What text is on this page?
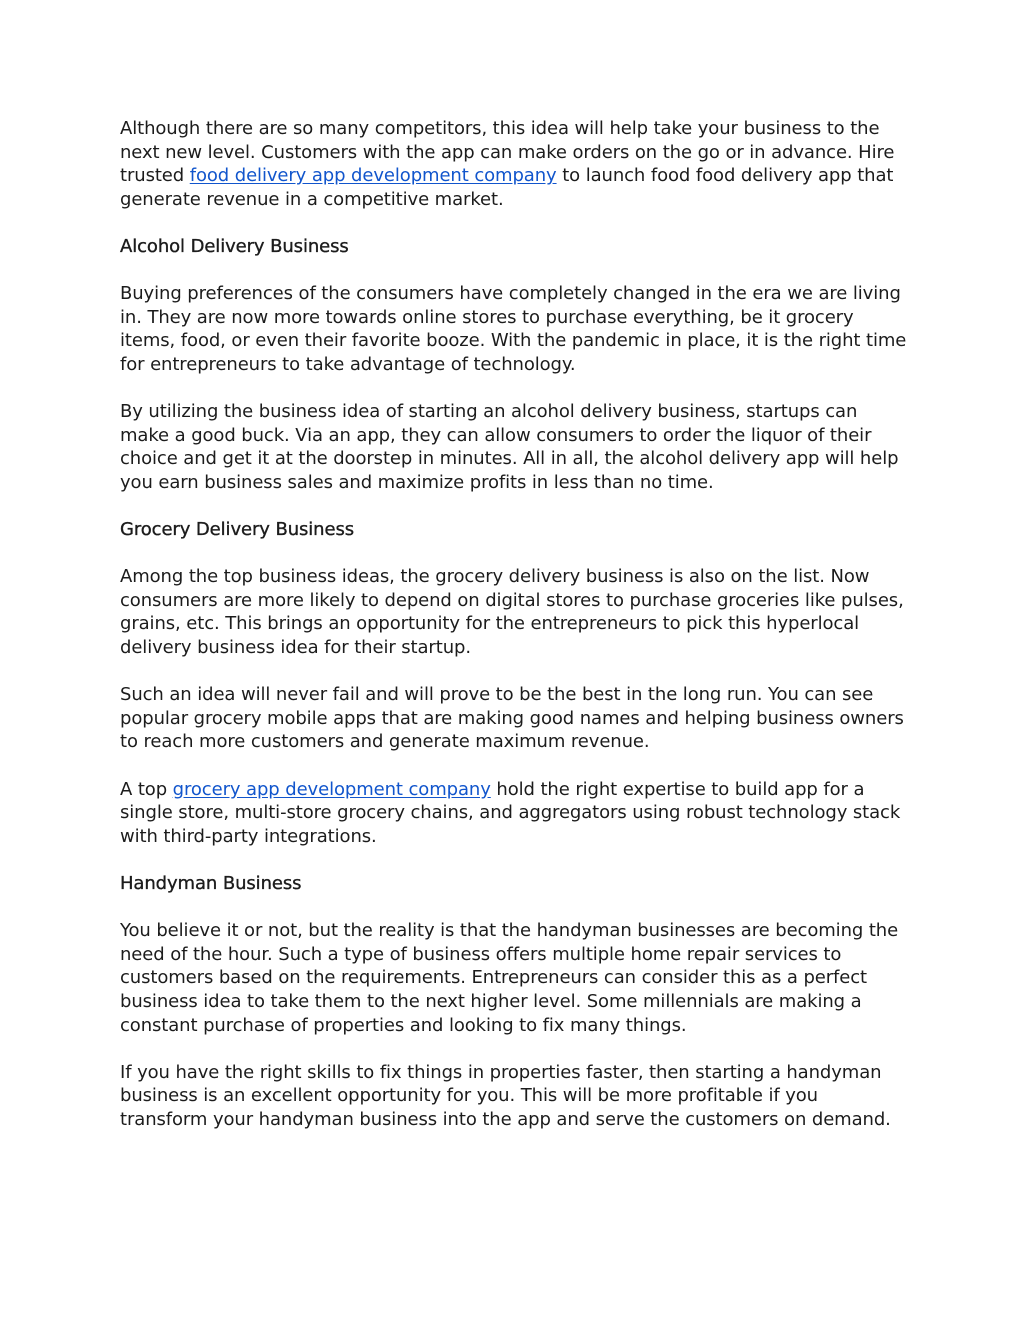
Although there are so many competitors, this idea will help take your business to the next new level. Customers with the app can make orders on the go or in advance. Hire trusted food delivery app development company to launch food food delivery app that generate revenue in a competitive market.

Alcohol Delivery Business

Buying preferences of the consumers have completely changed in the era we are living in. They are now more towards online stores to purchase everything, be it grocery items, food, or even their favorite booze. With the pandemic in place, it is the right time for entrepreneurs to take advantage of technology.

By utilizing the business idea of starting an alcohol delivery business, startups can make a good buck. Via an app, they can allow consumers to order the liquor of their choice and get it at the doorstep in minutes. All in all, the alcohol delivery app will help you earn business sales and maximize profits in less than no time.

Grocery Delivery Business

Among the top business ideas, the grocery delivery business is also on the list. Now consumers are more likely to depend on digital stores to purchase groceries like pulses, grains, etc. This brings an opportunity for the entrepreneurs to pick this hyperlocal delivery business idea for their startup.

Such an idea will never fail and will prove to be the best in the long run. You can see popular grocery mobile apps that are making good names and helping business owners to reach more customers and generate maximum revenue.

A top grocery app development company hold the right expertise to build app for a single store, multi-store grocery chains, and aggregators using robust technology stack with third-party integrations.

Handyman Business

You believe it or not, but the reality is that the handyman businesses are becoming the need of the hour. Such a type of business offers multiple home repair services to customers based on the requirements. Entrepreneurs can consider this as a perfect business idea to take them to the next higher level. Some millennials are making a constant purchase of properties and looking to fix many things.

If you have the right skills to fix things in properties faster, then starting a handyman business is an excellent opportunity for you. This will be more profitable if you transform your handyman business into the app and serve the customers on demand.
